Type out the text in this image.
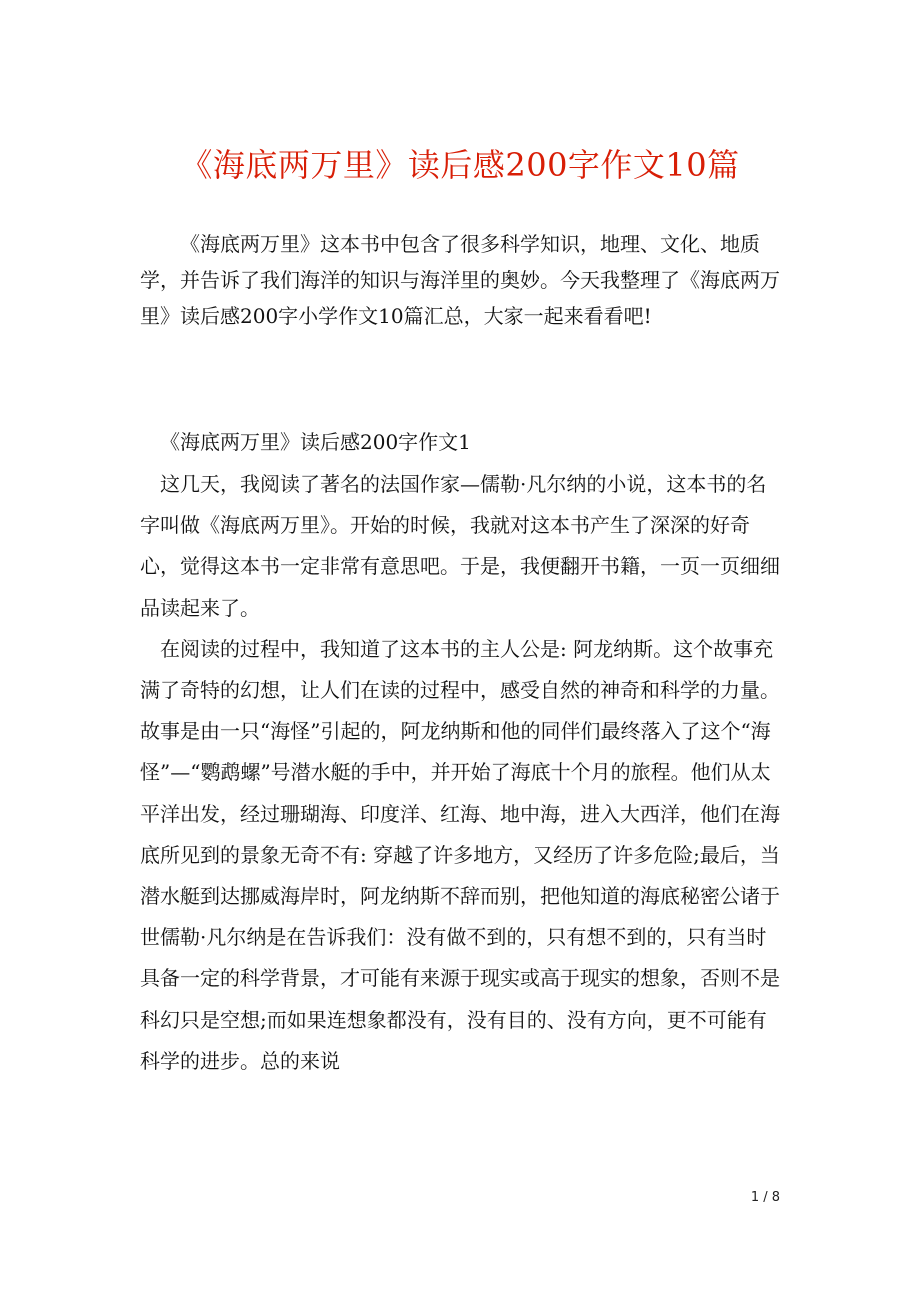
《海底两万里》读后感200字作文10篇

《海底两万里》这本书中包含了很多科学知识，地理、文化、地质学，并告诉了我们海洋的知识与海洋里的奥妙。今天我整理了《海底两万里》读后感200字小学作文10篇汇总，大家一起来看看吧!

《海底两万里》读后感200字作文1

这几天，我阅读了著名的法国作家—儒勒·凡尔纳的小说，这本书的名字叫做《海底两万里》。开始的时候，我就对这本书产生了深深的好奇心，觉得这本书一定非常有意思吧。于是，我便翻开书籍，一页一页细细品读起来了。

在阅读的过程中，我知道了这本书的主人公是: 阿龙纳斯。这个故事充满了奇特的幻想，让人们在读的过程中，感受自然的神奇和科学的力量。故事是由一只“海怪”引起的，阿龙纳斯和他的同伴们最终落入了这个“海怪”—“鹦鹉螺”号潜水艇的手中，并开始了海底十个月的旅程。他们从太平洋出发，经过珊瑚海、印度洋、红海、地中海，进入大西洋，他们在海底所见到的景象无奇不有: 穿越了许多地方，又经历了许多危险;最后，当潜水艇到达挪威海岸时，阿龙纳斯不辞而别，把他知道的海底秘密公诸于世儒勒·凡尔纳是在告诉我们：没有做不到的，只有想不到的，只有当时具备一定的科学背景，才可能有来源于现实或高于现实的想象，否则不是科幻只是空想;而如果连想象都没有，没有目的、没有方向，更不可能有科学的进步。总的来说

1 / 8
